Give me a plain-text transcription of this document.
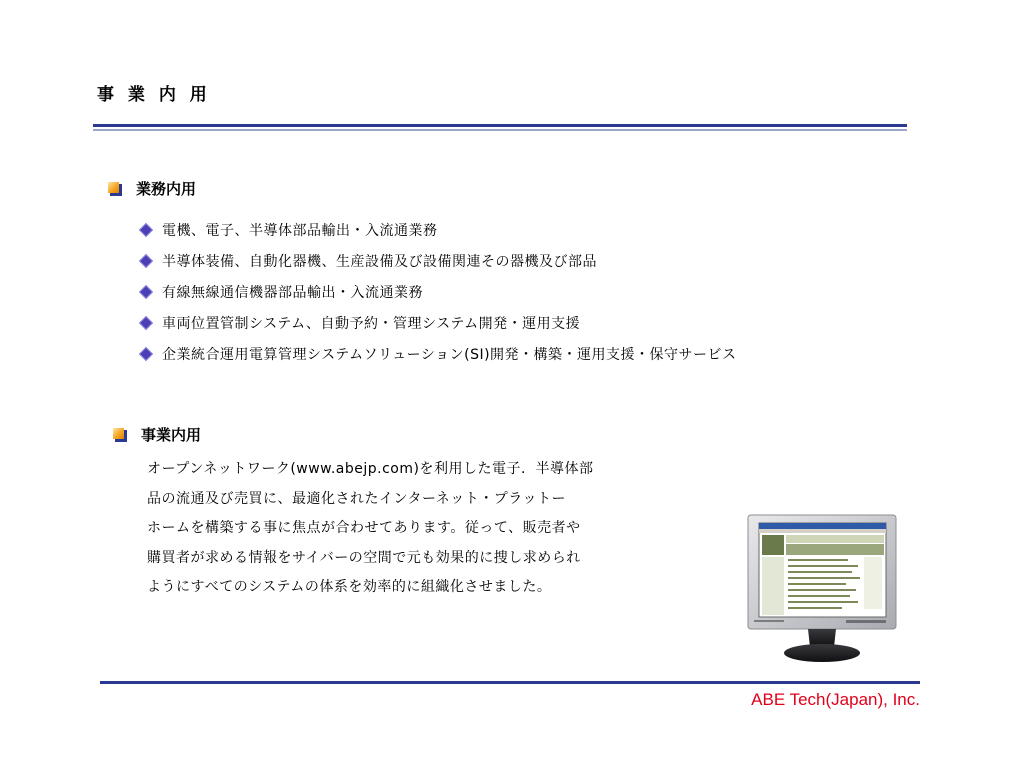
事 業 内 用
業務内用
電機、電子、半導体部品輸出・入流通業務
半導体装備、自動化器機、生産設備及び設備関連その器機及び部品
有線無線通信機器部品輸出・入流通業務
車両位置管制システム、自動予約・管理システム開発・運用支援
企業統合運用電算管理システムソリューション(SI)開発・構築・運用支援・保守サービス
事業内用
オープンネットワーク(www.abejp.com)を利用した電子．半導体部
品の流通及び売買に、最適化されたインターネット・プラットー
ホームを構築する事に焦点が合わせてあります。従って、販売者や
購買者が求める情報をサイバーの空間で元も効果的に捜し求められ
ようにすべてのシステムの体系を効率的に組織化させました。
ABE Tech(Japan), Inc.
